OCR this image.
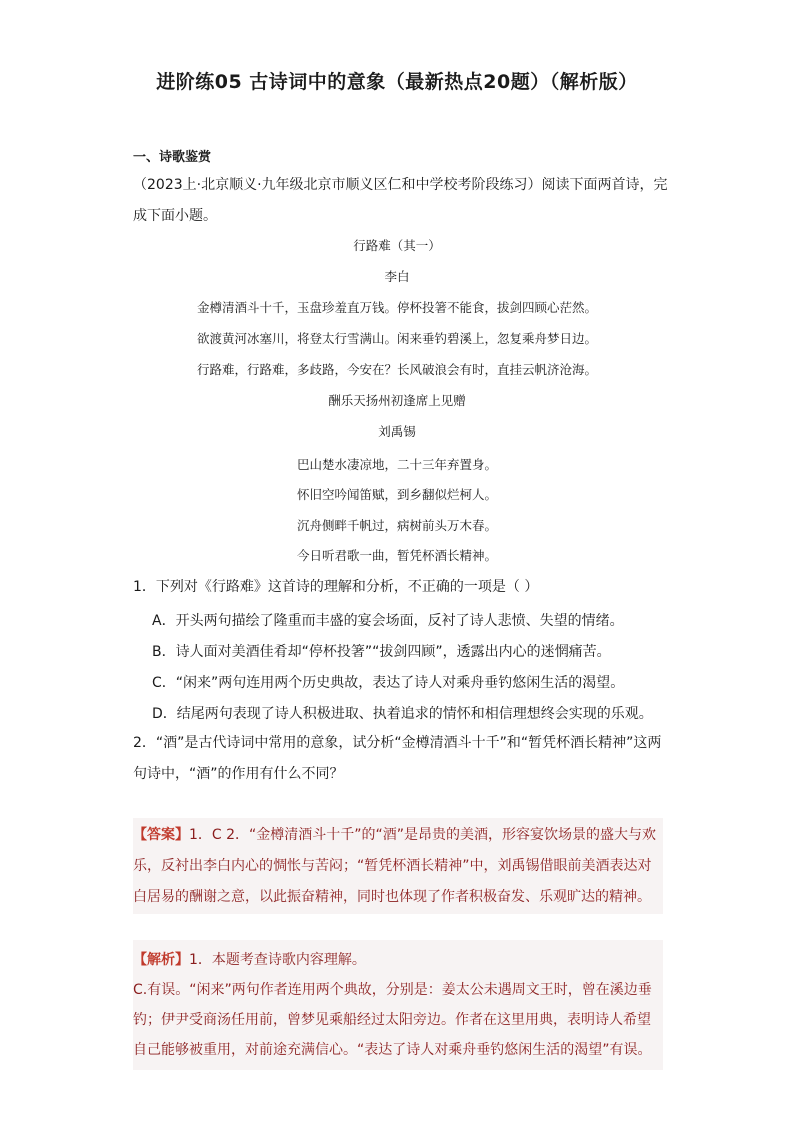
进阶练05 古诗词中的意象（最新热点20题）（解析版）
一、诗歌鉴赏
（2023上·北京顺义·九年级北京市顺义区仁和中学校考阶段练习）阅读下面两首诗，完成下面小题。
行路难（其一）
李白
金樽清酒斗十千，玉盘珍羞直万钱。停杯投箸不能食，拔剑四顾心茫然。
欲渡黄河冰塞川，将登太行雪满山。闲来垂钓碧溪上，忽复乘舟梦日边。
行路难，行路难，多歧路，今安在？长风破浪会有时，直挂云帆济沧海。
酬乐天扬州初逢席上见赠
刘禹锡
巴山楚水凄凉地，二十三年弃置身。
怀旧空吟闻笛赋，到乡翻似烂柯人。
沉舟侧畔千帆过，病树前头万木春。
今日听君歌一曲，暂凭杯酒长精神。
1．下列对《行路难》这首诗的理解和分析，不正确的一项是（ ）
A．开头两句描绘了隆重而丰盛的宴会场面，反衬了诗人悲愤、失望的情绪。
B．诗人面对美酒佳肴却“停杯投箸”“拔剑四顾”，透露出内心的迷惘痛苦。
C．“闲来”两句连用两个历史典故，表达了诗人对乘舟垂钓悠闲生活的渴望。
D．结尾两句表现了诗人积极进取、执着追求的情怀和相信理想终会实现的乐观。
2．“酒”是古代诗词中常用的意象，试分析“金樽清酒斗十千”和“暂凭杯酒长精神”这两句诗中，“酒”的作用有什么不同？
【答案】1．C 2．“金樽清酒斗十千”的“酒”是昂贵的美酒，形容宴饮场景的盛大与欢乐，反衬出李白内心的惆怅与苦闷；“暂凭杯酒长精神”中，刘禹锡借眼前美酒表达对白居易的酬谢之意，以此振奋精神，同时也体现了作者积极奋发、乐观旷达的精神。
【解析】1．本题考查诗歌内容理解。
C.有误。“闲来”两句作者连用两个典故，分别是：姜太公未遇周文王时，曾在溪边垂钓；伊尹受商汤任用前，曾梦见乘船经过太阳旁边。作者在这里用典，表明诗人希望自己能够被重用，对前途充满信心。“表达了诗人对乘舟垂钓悠闲生活的渴望”有误。
